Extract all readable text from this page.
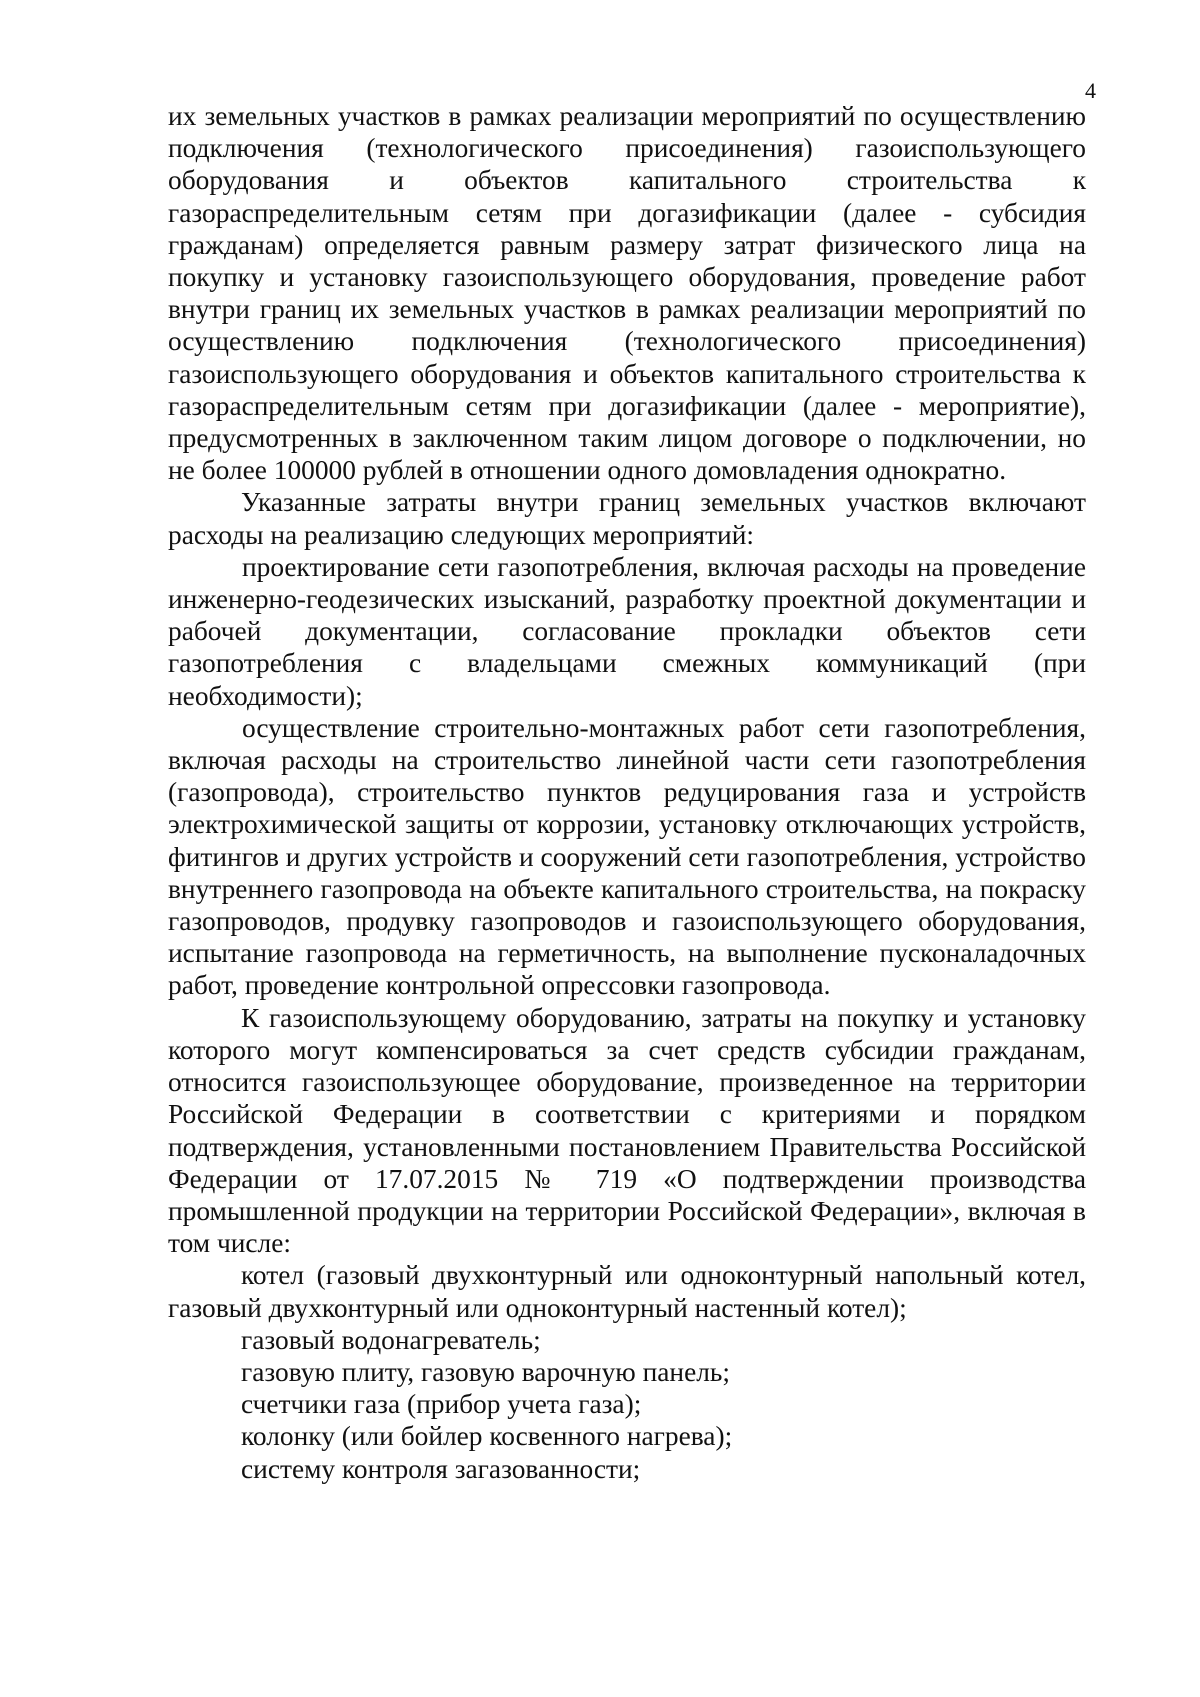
4

их земельных участков в рамках реализации мероприятий по осуществлению подключения (технологического присоединения) газоиспользующего оборудования и объектов капитального строительства к газораспределительным сетям при догазификации (далее - субсидия гражданам) определяется равным размеру затрат физического лица на покупку и установку газоиспользующего оборудования, проведение работ внутри границ их земельных участков в рамках реализации мероприятий по осуществлению подключения (технологического присоединения) газоиспользующего оборудования и объектов капитального строительства к газораспределительным сетям при догазификации (далее - мероприятие), предусмотренных в заключенном таким лицом договоре о подключении, но не более 100000 рублей в отношении одного домовладения однократно.

Указанные затраты внутри границ земельных участков включают расходы на реализацию следующих мероприятий:

проектирование сети газопотребления, включая расходы на проведение инженерно-геодезических изысканий, разработку проектной документации и рабочей документации, согласование прокладки объектов сети газопотребления с владельцами смежных коммуникаций (при необходимости);

осуществление строительно-монтажных работ сети газопотребления, включая расходы на строительство линейной части сети газопотребления (газопровода), строительство пунктов редуцирования газа и устройств электрохимической защиты от коррозии, установку отключающих устройств, фитингов и других устройств и сооружений сети газопотребления, устройство внутреннего газопровода на объекте капитального строительства, на покраску газопроводов, продувку газопроводов и газоиспользующего оборудования, испытание газопровода на герметичность, на выполнение пусконаладочных работ, проведение контрольной опрессовки газопровода.

К газоиспользующему оборудованию, затраты на покупку и установку которого могут компенсироваться за счет средств субсидии гражданам, относится газоиспользующее оборудование, произведенное на территории Российской Федерации в соответствии с критериями и порядком подтверждения, установленными постановлением Правительства Российской Федерации от 17.07.2015 № 719 «О подтверждении производства промышленной продукции на территории Российской Федерации», включая в том числе:

котел (газовый двухконтурный или одноконтурный напольный котел, газовый двухконтурный или одноконтурный настенный котел);

газовый водонагреватель;

газовую плиту, газовую варочную панель;

счетчики газа (прибор учета газа);

колонку (или бойлер косвенного нагрева);

систему контроля загазованности;
